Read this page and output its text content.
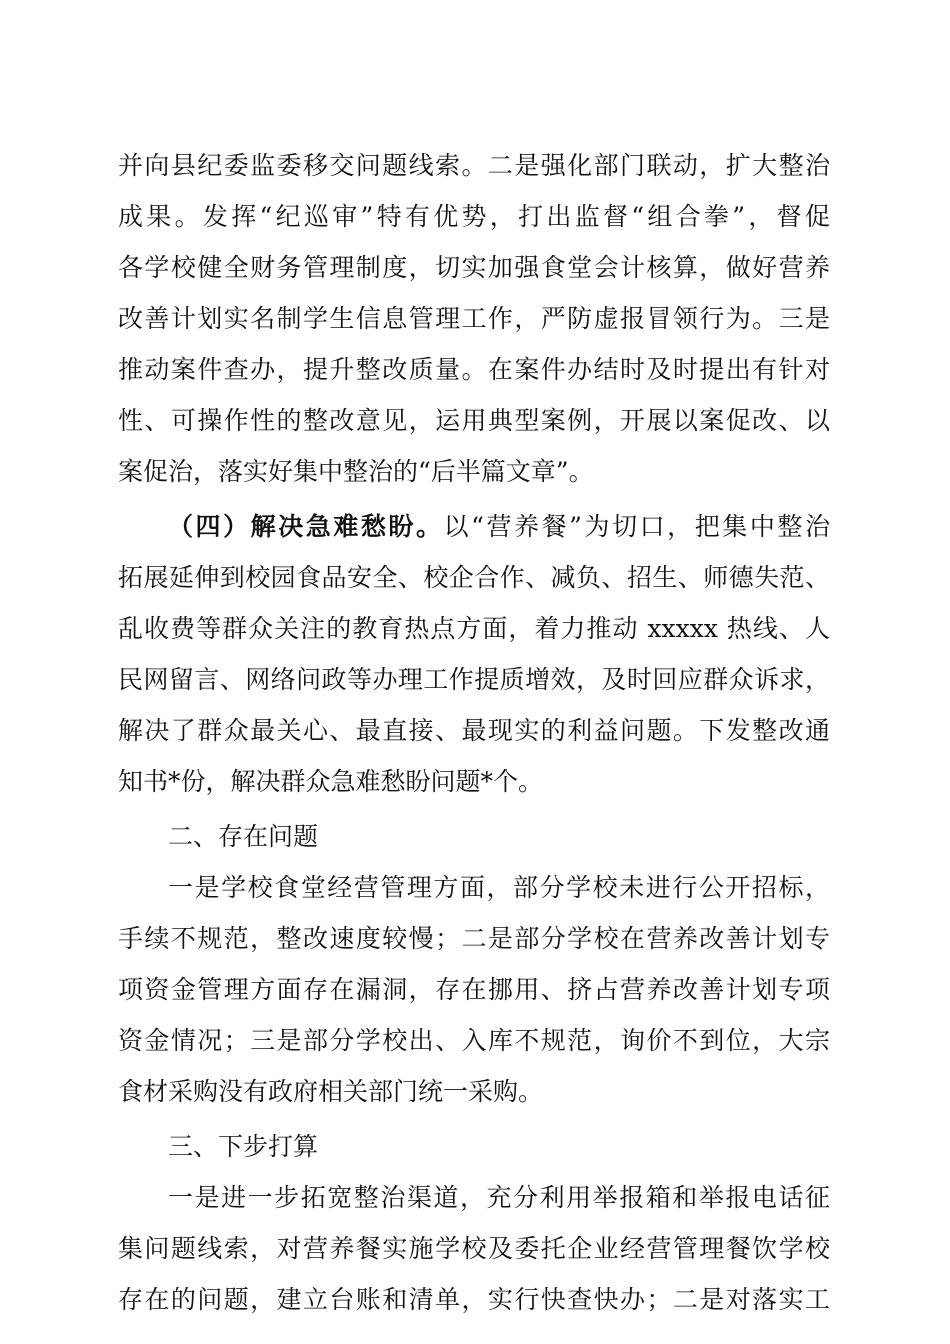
并向县纪委监委移交问题线索。二是强化部门联动，扩大整治
成果。发挥“纪巡审”特有优势，打出监督“组合拳”，督促
各学校健全财务管理制度，切实加强食堂会计核算，做好营养
改善计划实名制学生信息管理工作，严防虚报冒领行为。三是
推动案件查办，提升整改质量。在案件办结时及时提出有针对
性、可操作性的整改意见，运用典型案例，开展以案促改、以
案促治，落实好集中整治的“后半篇文章”。
（四）解决急难愁盼。以“营养餐”为切口，把集中整治
拓展延伸到校园食品安全、校企合作、减负、招生、师德失范、
乱收费等群众关注的教育热点方面，着力推动 xxxxx 热线、人
民网留言、网络问政等办理工作提质增效，及时回应群众诉求，
解决了群众最关心、最直接、最现实的利益问题。下发整改通
知书*份，解决群众急难愁盼问题*个。
二、存在问题
一是学校食堂经营管理方面，部分学校未进行公开招标，
手续不规范，整改速度较慢；二是部分学校在营养改善计划专
项资金管理方面存在漏洞，存在挪用、挤占营养改善计划专项
资金情况；三是部分学校出、入库不规范，询价不到位，大宗
食材采购没有政府相关部门统一采购。
三、下步打算
一是进一步拓宽整治渠道，充分利用举报箱和举报电话征
集问题线索，对营养餐实施学校及委托企业经营管理餐饮学校
存在的问题，建立台账和清单，实行快查快办；二是对落实工
